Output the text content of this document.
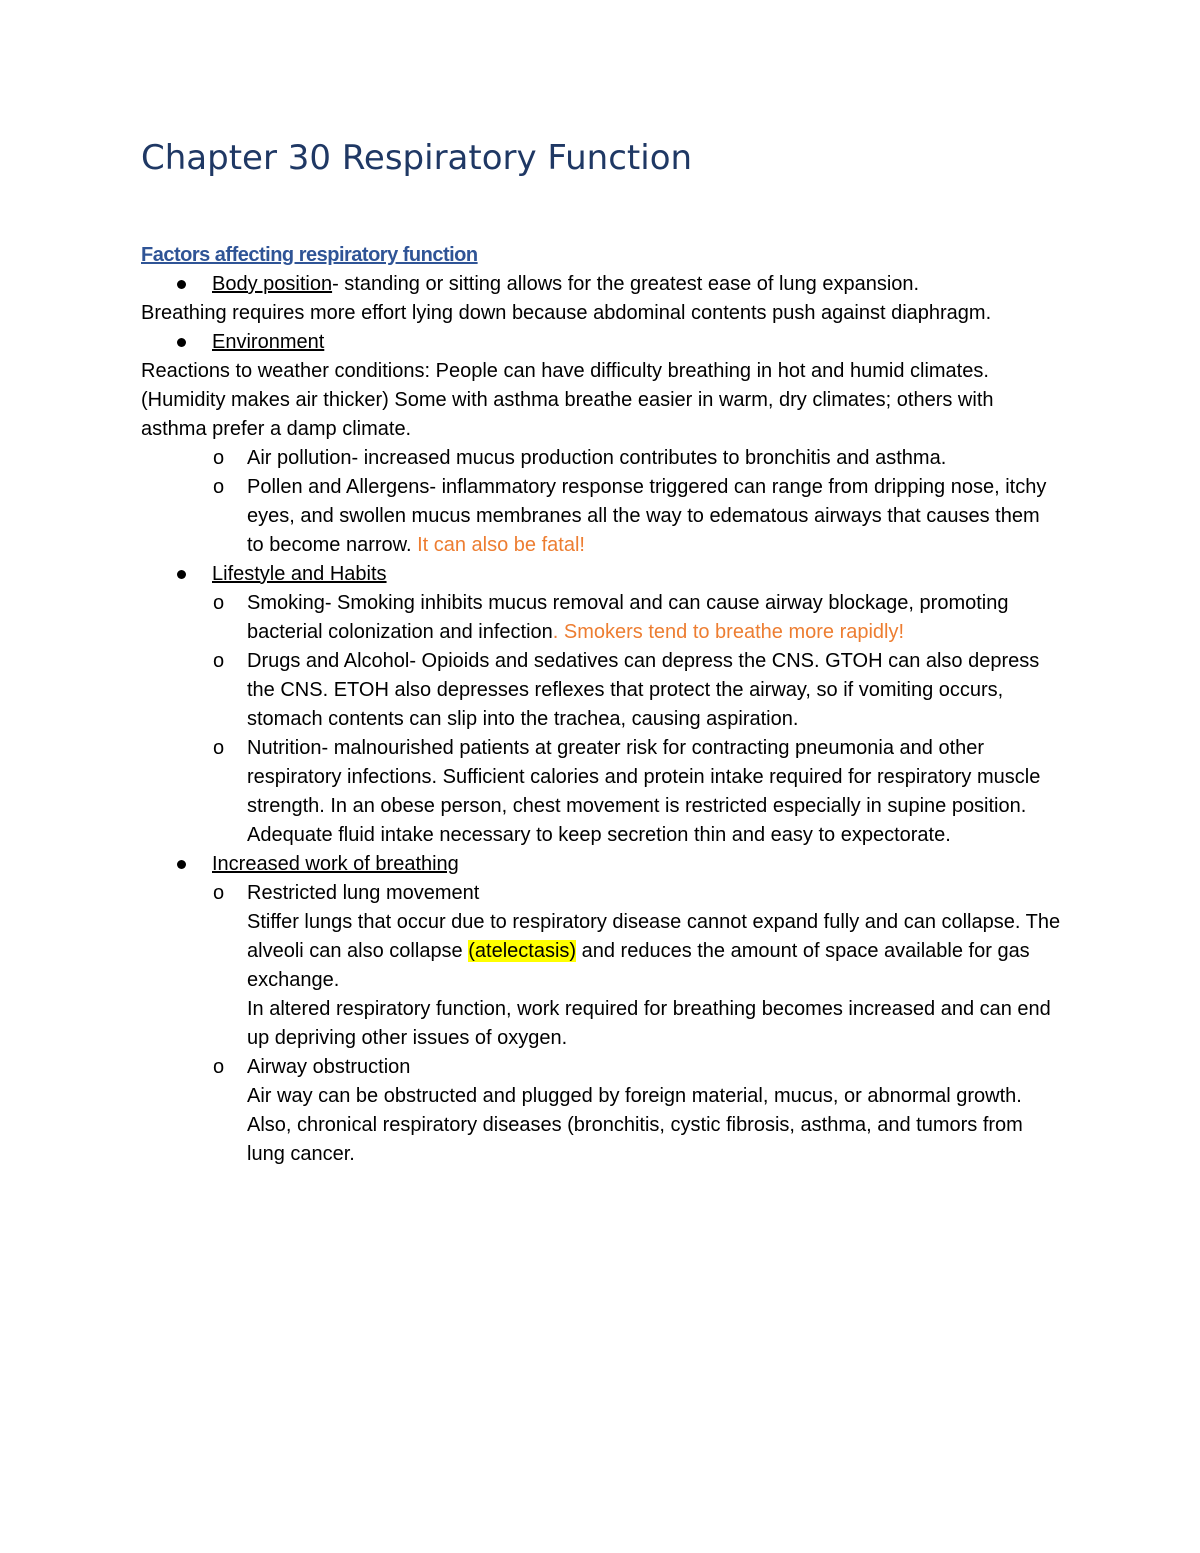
Chapter 30 Respiratory Function

Factors affecting respiratory function

Body position- standing or sitting allows for the greatest ease of lung expansion.

Breathing requires more effort lying down because abdominal contents push against diaphragm.

Environment

Reactions to weather conditions: People can have difficulty breathing in hot and humid climates. (Humidity makes air thicker) Some with asthma breathe easier in warm, dry climates; others with asthma prefer a damp climate.

o Air pollution- increased mucus production contributes to bronchitis and asthma.
o Pollen and Allergens- inflammatory response triggered can range from dripping nose, itchy eyes, and swollen mucus membranes all the way to edematous airways that causes them to become narrow. It can also be fatal!
Lifestyle and Habits
o Smoking- Smoking inhibits mucus removal and can cause airway blockage, promoting bacterial colonization and infection. Smokers tend to breathe more rapidly!
o Drugs and Alcohol- Opioids and sedatives can depress the CNS. GTOH can also depress the CNS. ETOH also depresses reflexes that protect the airway, so if vomiting occurs, stomach contents can slip into the trachea, causing aspiration.
o Nutrition- malnourished patients at greater risk for contracting pneumonia and other respiratory infections. Sufficient calories and protein intake required for respiratory muscle strength. In an obese person, chest movement is restricted especially in supine position. Adequate fluid intake necessary to keep secretion thin and easy to expectorate.
Increased work of breathing
o Restricted lung movement
Stiffer lungs that occur due to respiratory disease cannot expand fully and can collapse. The alveoli can also collapse (atelectasis) and reduces the amount of space available for gas exchange.
In altered respiratory function, work required for breathing becomes increased and can end up depriving other issues of oxygen.
o Airway obstruction
Air way can be obstructed and plugged by foreign material, mucus, or abnormal growth. Also, chronical respiratory diseases (bronchitis, cystic fibrosis, asthma, and tumors from lung cancer.
